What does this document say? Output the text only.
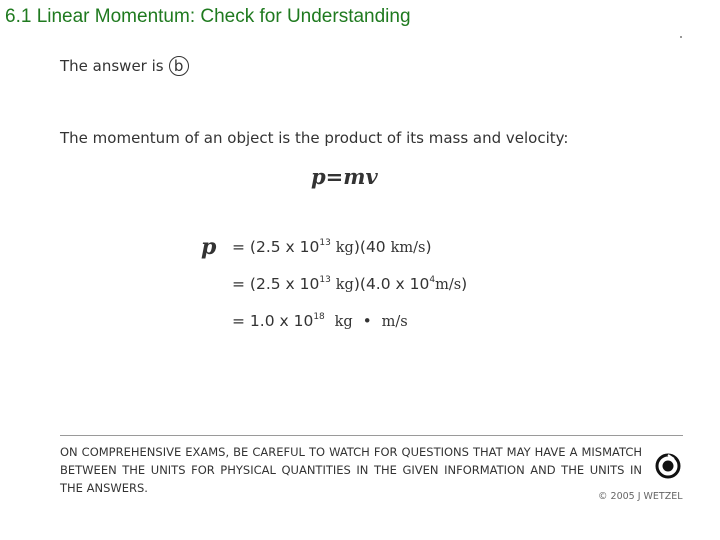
6.1 Linear Momentum: Check for Understanding
The answer is b
The momentum of an object is the product of its mass and velocity:
p=mv
p = (2.5 x $10^{13}$ kg)(40 km/s)
= (2.5 x $10^{13}$ kg)(4.0 x $10^4m/s$)
= 1.0 x $10^{18}$ kg • m/s
ON COMPREHENSIVE EXAMS, BE CAREFUL TO WATCH FOR QUESTIONS THAT MAY HAVE A MISMATCH BETWEEN THE UNITS FOR PHYSICAL QUANTITIES IN THE GIVEN INFORMATION AND THE UNITS IN THE ANSWERS.
© 2005 J WETZEL
